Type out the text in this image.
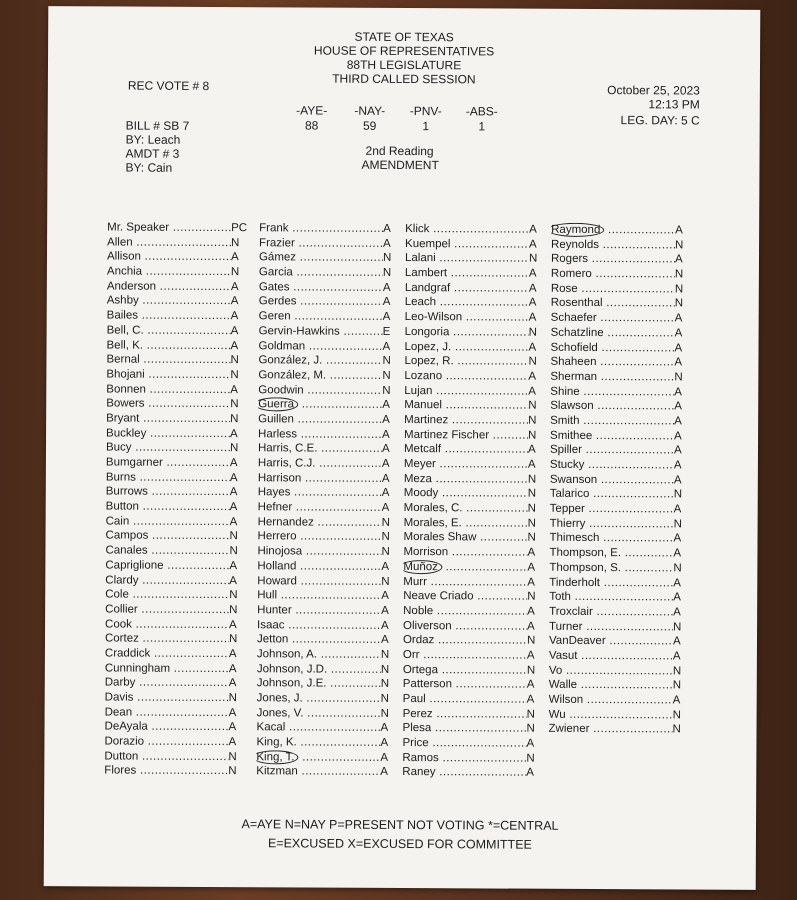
STATE OF TEXAS
HOUSE OF REPRESENTATIVES
88TH LEGISLATURE
THIRD CALLED SESSION
REC VOTE # 8	October 25, 2023
12:13 PM
LEG. DAY: 5 C
-AYE-
88
-NAY-
59
-PNV-
1
-ABS-
1
BILL # SB 7
BY: Leach
AMDT # 3
BY: Cain
2nd Reading
AMENDMENT
Mr. Speaker .....	PC
Allen .....	N
Allison .....	A
Anchia .....	N
Anderson .....	A
Ashby .....	A
Bailes .....	A
Bell, C. .....	A
Bell, K. .....	A
Bernal .....	N
Bhojani .....	N
Bonnen .....	A
Bowers .....	N
Bryant .....	N
Buckley .....	A
Bucy .....	N
Bumgarner .....	A
Burns .....	A
Burrows .....	A
Button .....	A
Cain .....	A
Campos .....	N
Canales .....	N
Capriglione .....	A
Clardy .....	A
Cole .....	N
Collier .....	N
Cook .....	A
Cortez .....	N
Craddick .....	A
Cunningham .....	A
Darby .....	A
Davis .....	N
Dean .....	A
DeAyala .....	A
Dorazio .....	A
Dutton .....	N
Flores .....	N
Frank .....	A
Frazier .....	A
Gámez .....	N
Garcia .....	N
Gates .....	A
Gerdes .....	A
Geren .....	A
Gervin-Hawkins .....	E
Goldman .....	A
González, J. .....	N
González, M. .....	N
Goodwin .....	N
Guerra .....	A
Guillen .....	A
Harless .....	A
Harris, C.E. .....	A
Harris, C.J. .....	A
Harrison .....	A
Hayes .....	A
Hefner .....	A
Hernandez .....	N
Herrero .....	N
Hinojosa .....	N
Holland .....	A
Howard .....	N
Hull .....	A
Hunter .....	A
Isaac .....	A
Jetton .....	A
Johnson, A. .....	N
Johnson, J.D. .....	N
Johnson, J.E. .....	N
Jones, J. .....	N
Jones, V. .....	N
Kacal .....	A
King, K. .....	A
King, T. .....	A
Kitzman .....	A
Klick .....	A
Kuempel .....	A
Lalani .....	N
Lambert .....	A
Landgraf .....	A
Leach .....	A
Leo-Wilson .....	A
Longoria .....	N
Lopez, J. .....	A
Lopez, R. .....	N
Lozano .....	A
Lujan .....	A
Manuel .....	N
Martinez .....	N
Martinez Fischer .....	N
Metcalf .....	A
Meyer .....	A
Meza .....	N
Moody .....	N
Morales, C. .....	N
Morales, E. .....	N
Morales Shaw .....	N
Morrison .....	A
Muñoz .....	A
Murr .....	A
Neave Criado .....	N
Noble .....	A
Oliverson .....	A
Ordaz .....	N
Orr .....	A
Ortega .....	N
Patterson .....	A
Paul .....	A
Perez .....	N
Plesa .....	N
Price .....	A
Ramos .....	N
Raney .....	A
Raymond .....	A
Reynolds .....	N
Rogers .....	A
Romero .....	N
Rose .....	N
Rosenthal .....	N
Schaefer .....	A
Schatzline .....	A
Schofield .....	A
Shaheen .....	A
Sherman .....	N
Shine .....	A
Slawson .....	A
Smith .....	A
Smithee .....	A
Spiller .....	A
Stucky .....	A
Swanson .....	A
Talarico .....	N
Tepper .....	A
Thierry .....	N
Thimesch .....	A
Thompson, E. .....	A
Thompson, S. .....	N
Tinderholt .....	A
Toth .....	A
Troxclair .....	A
Turner .....	N
VanDeaver .....	A
Vasut .....	A
Vo .....	N
Walle .....	N
Wilson .....	A
Wu .....	N
Zwiener .....	N
A=AYE N=NAY P=PRESENT NOT VOTING *=CENTRAL
E=EXCUSED X=EXCUSED FOR COMMITTEE
